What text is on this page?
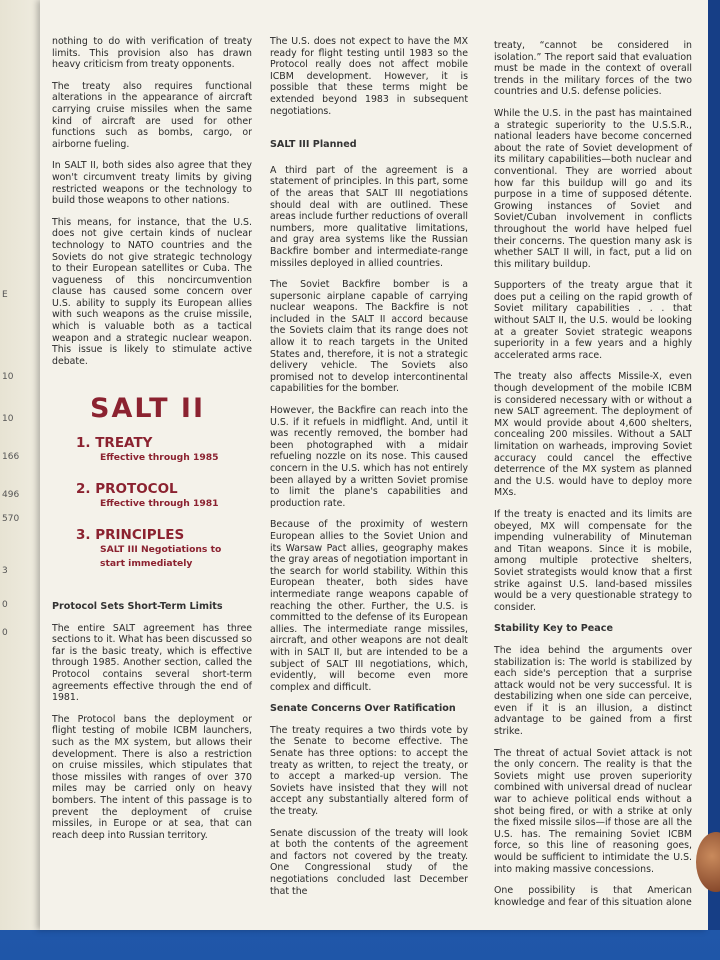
E
10
10
166
496
570
3
0
0

nothing to do with verification of treaty limits. This provision also has drawn heavy criticism from treaty opponents.

The treaty also requires functional alterations in the appearance of aircraft carrying cruise missiles when the same kind of aircraft are used for other functions such as bombs, cargo, or airborne fueling.

In SALT II, both sides also agree that they won't circumvent treaty limits by giving restricted weapons or the technology to build those weapons to other nations.

This means, for instance, that the U.S. does not give certain kinds of nuclear technology to NATO countries and the Soviets do not give strategic technology to their European satellites or Cuba. The vagueness of this noncircumvention clause has caused some concern over U.S. ability to supply its European allies with such weapons as the cruise missile, which is valuable both as a tactical weapon and a strategic nuclear weapon. This issue is likely to stimulate active debate.

SALT II
1. TREATY
Effective through 1985
2. PROTOCOL
Effective through 1981
3. PRINCIPLES
SALT III Negotiations to
start immediately
Protocol Sets Short-Term Limits

The entire SALT agreement has three sections to it. What has been discussed so far is the basic treaty, which is effective through 1985. Another section, called the Protocol contains several short-term agreements effective through the end of 1981.

The Protocol bans the deployment or flight testing of mobile ICBM launchers, such as the MX system, but allows their development. There is also a restriction on cruise missiles, which stipulates that those missiles with ranges of over 370 miles may be carried only on heavy bombers. The intent of this passage is to prevent the deployment of cruise missiles, in Europe or at sea, that can reach deep into Russian territory.

The U.S. does not expect to have the MX ready for flight testing until 1983 so the Protocol really does not affect mobile ICBM development. However, it is possible that these terms might be extended beyond 1983 in subsequent negotiations.

SALT III Planned

A third part of the agreement is a statement of principles. In this part, some of the areas that SALT III negotiations should deal with are outlined. These areas include further reductions of overall numbers, more qualitative limitations, and gray area systems like the Russian Backfire bomber and intermediate-range missiles deployed in allied countries.

The Soviet Backfire bomber is a supersonic airplane capable of carrying nuclear weapons. The Backfire is not included in the SALT II accord because the Soviets claim that its range does not allow it to reach targets in the United States and, therefore, it is not a strategic delivery vehicle. The Soviets also promised not to develop intercontinental capabilities for the bomber.

However, the Backfire can reach into the U.S. if it refuels in midflight. And, until it was recently removed, the bomber had been photographed with a midair refueling nozzle on its nose. This caused concern in the U.S. which has not entirely been allayed by a written Soviet promise to limit the plane's capabilities and production rate.

Because of the proximity of western European allies to the Soviet Union and its Warsaw Pact allies, geography makes the gray areas of negotiation important in the search for world stability. Within this European theater, both sides have intermediate range weapons capable of reaching the other. Further, the U.S. is committed to the defense of its European allies. The intermediate range missiles, aircraft, and other weapons are not dealt with in SALT II, but are intended to be a subject of SALT III negotiations, which, evidently, will become even more complex and difficult.

Senate Concerns Over Ratification

The treaty requires a two thirds vote by the Senate to become effective. The Senate has three options: to accept the treaty as written, to reject the treaty, or to accept a marked-up version. The Soviets have insisted that they will not accept any substantially altered form of the treaty.

Senate discussion of the treaty will look at both the contents of the agreement and factors not covered by the treaty. One Congressional study of the negotiations concluded last December that the

treaty, “cannot be considered in isolation.” The report said that evaluation must be made in the context of overall trends in the military forces of the two countries and U.S. defense policies.

While the U.S. in the past has maintained a strategic superiority to the U.S.S.R., national leaders have become concerned about the rate of Soviet development of its military capabilities—both nuclear and conventional. They are worried about how far this buildup will go and its purpose in a time of supposed détente. Growing instances of Soviet and Soviet/Cuban involvement in conflicts throughout the world have helped fuel their concerns. The question many ask is whether SALT II will, in fact, put a lid on this military buildup.

Supporters of the treaty argue that it does put a ceiling on the rapid growth of Soviet military capabilities . . . that without SALT II, the U.S. would be looking at a greater Soviet strategic weapons superiority in a few years and a highly accelerated arms race.

The treaty also affects Missile-X, even though development of the mobile ICBM is considered necessary with or without a new SALT agreement. The deployment of MX would provide about 4,600 shelters, concealing 200 missiles. Without a SALT limitation on warheads, improving Soviet accuracy could cancel the effective deterrence of the MX system as planned and the U.S. would have to deploy more MXs.

If the treaty is enacted and its limits are obeyed, MX will compensate for the impending vulnerability of Minuteman and Titan weapons. Since it is mobile, among multiple protective shelters, Soviet strategists would know that a first strike against U.S. land-based missiles would be a very questionable strategy to consider.

Stability Key to Peace

The idea behind the arguments over stabilization is: The world is stabilized by each side's perception that a surprise attack would not be very successful. It is destabilizing when one side can perceive, even if it is an illusion, a distinct advantage to be gained from a first strike.

The threat of actual Soviet attack is not the only concern. The reality is that the Soviets might use proven superiority combined with universal dread of nuclear war to achieve political ends without a shot being fired, or with a strike at only the fixed missile silos—if those are all the U.S. has. The remaining Soviet ICBM force, so this line of reasoning goes, would be sufficient to intimidate the U.S. into making massive concessions.

One possibility is that American knowledge and fear of this situation alone
